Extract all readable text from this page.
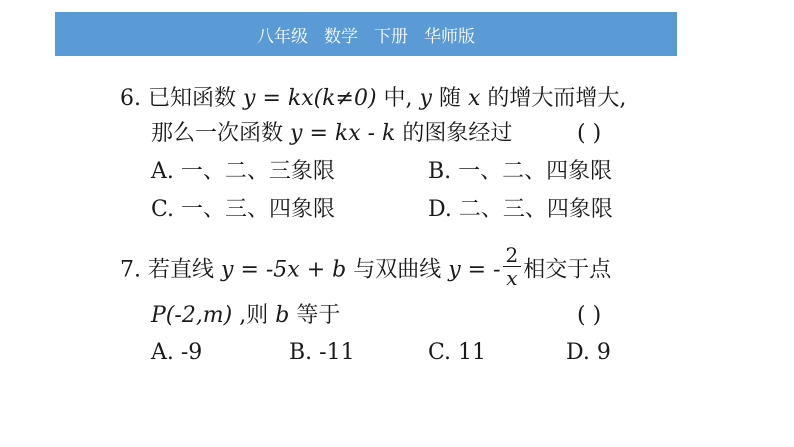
八年级 数学 下册 华师版
6. 已知函数 y = kx(k≠0) 中, y 随 x 的增大而增大,
那么一次函数 y = kx - k 的图象经过	( )
A. 一、二、三象限	B. 一、二、四象限
C. 一、三、四象限	D. 二、三、四象限
7. 若直线 y = -5x + b 与双曲线 y = - $\frac{2}{x}$ 相交于点
P(-2,m) ,则 b 等于	( )
A. -9	B. -11	C. 11	D. 9
